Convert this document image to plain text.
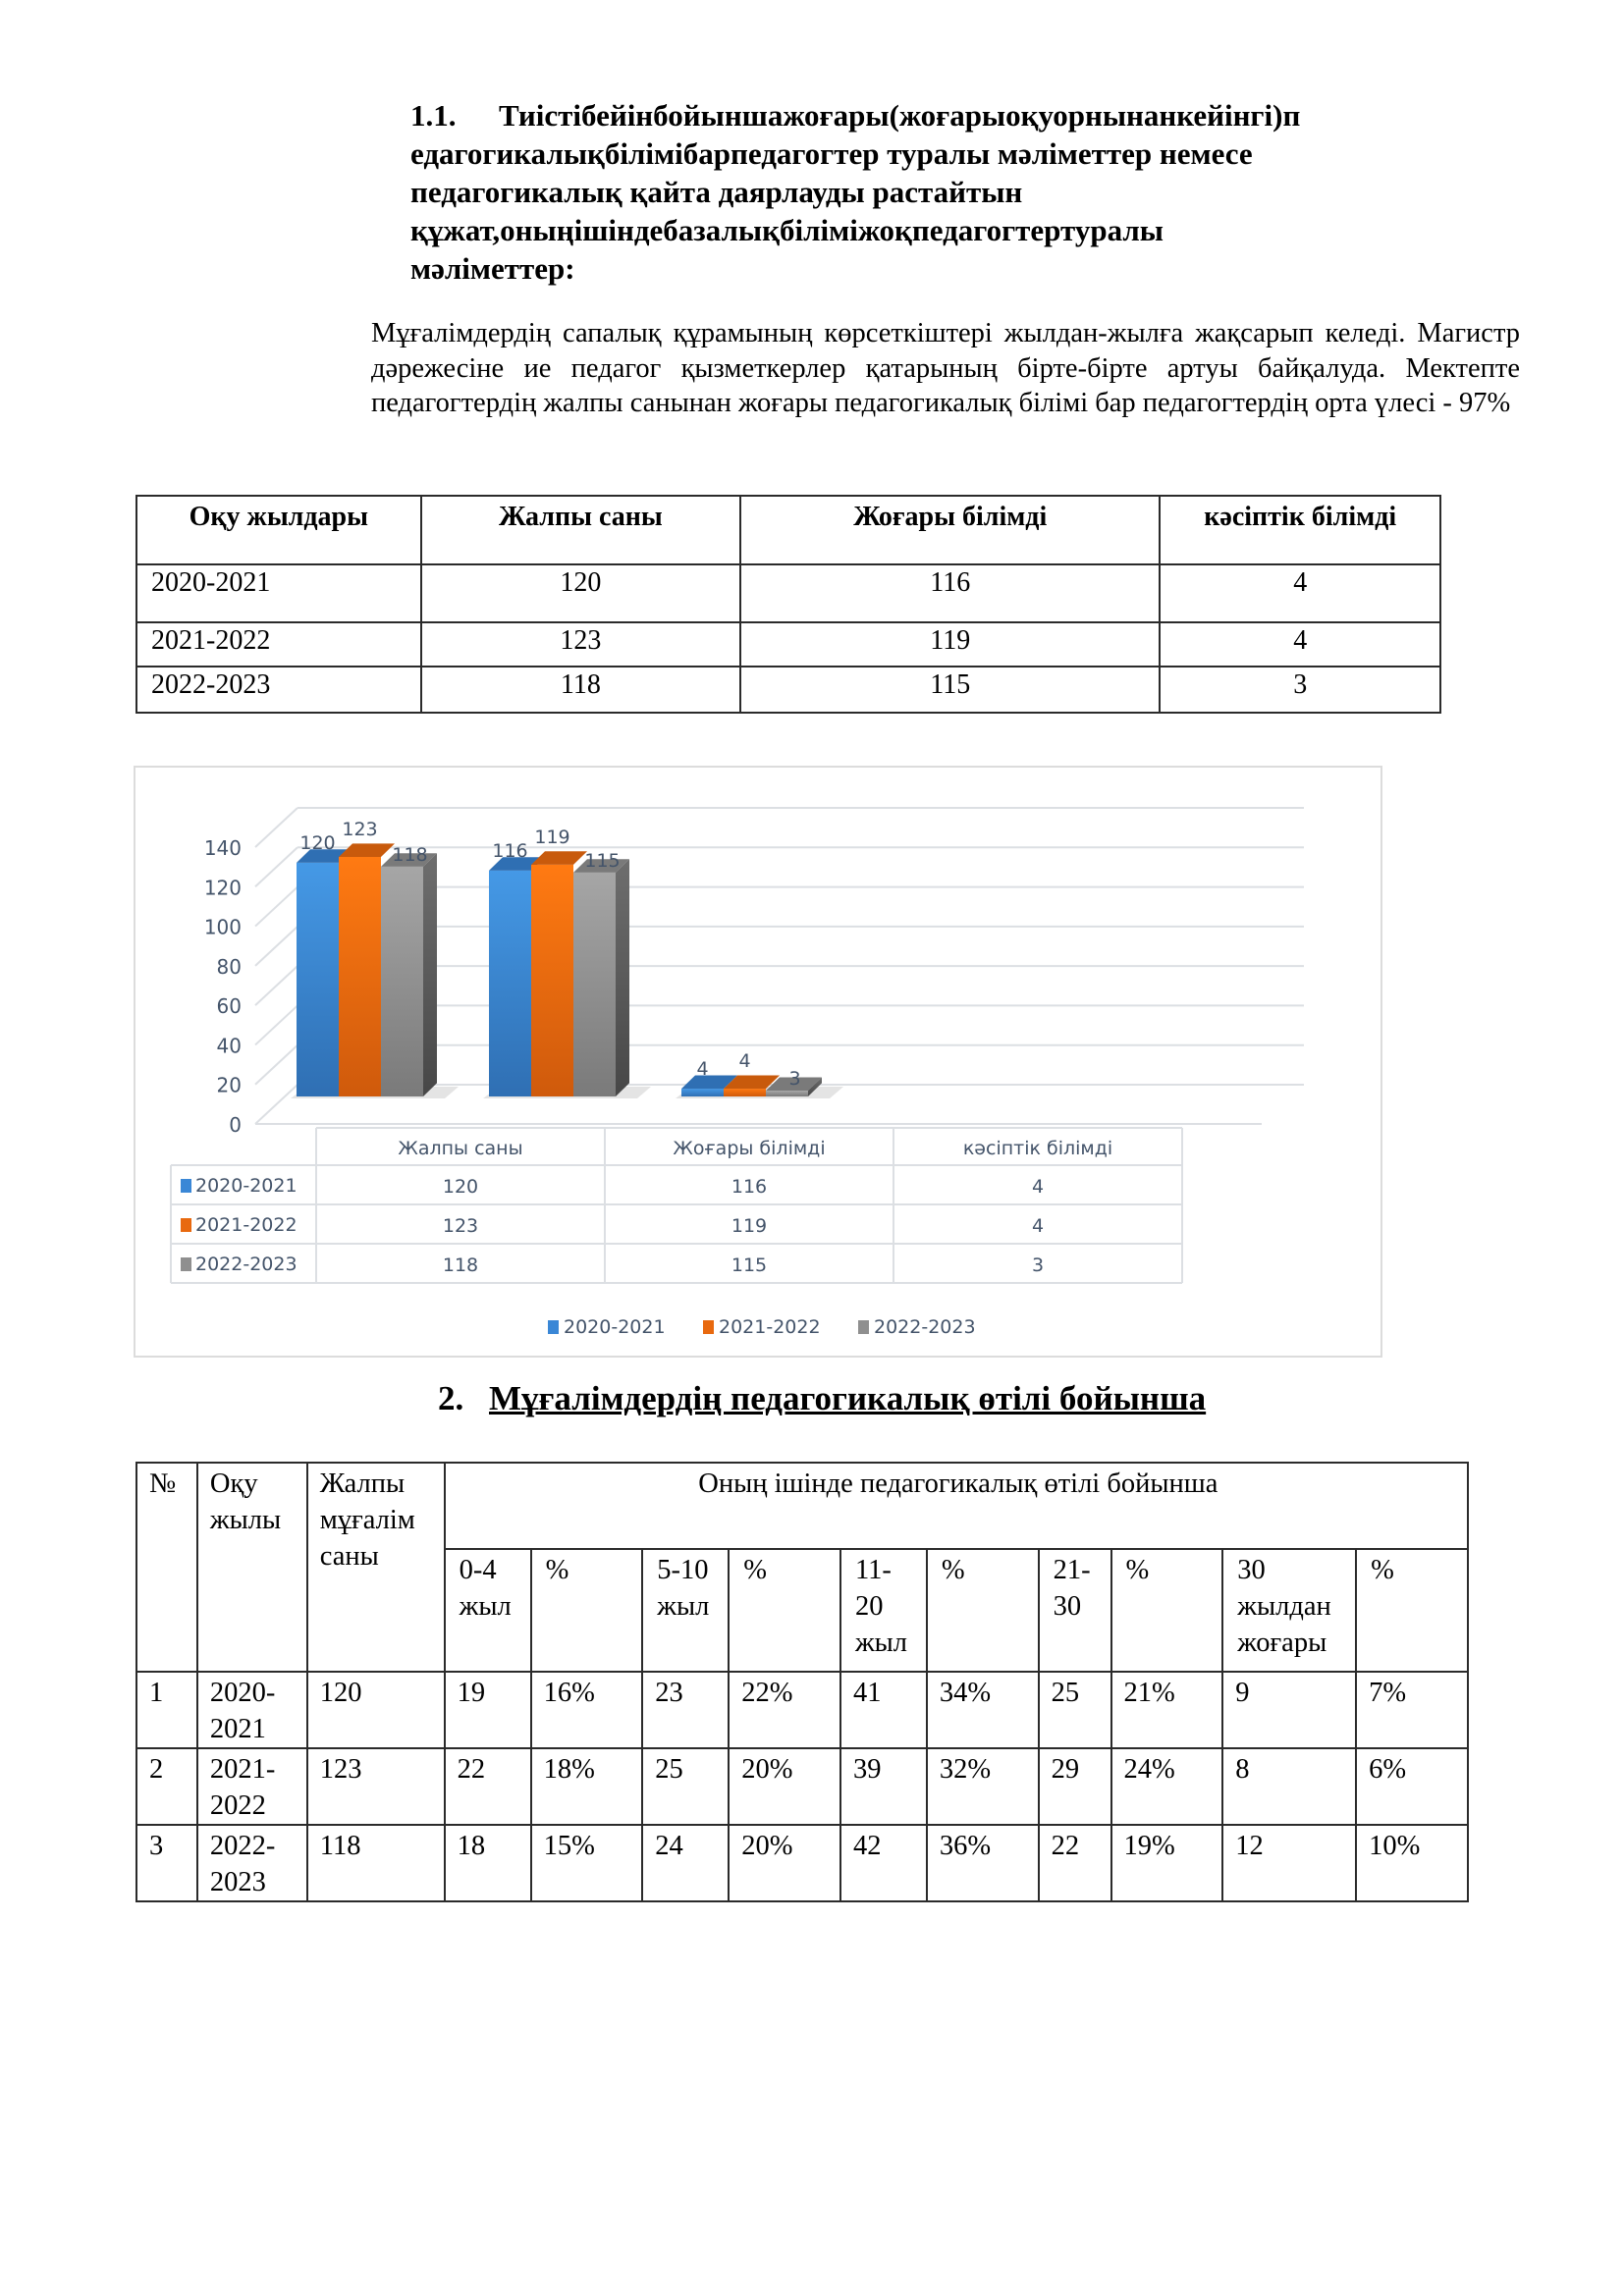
1.1. Тиістібейінбойыншажоғары(жоғарыоқуорнынанкейінгі)п
едагогикалықбілімібарпедагогтер туралы мәліметтер немесе
педагогикалық қайта даярлауды растайтын
құжат,оныңішіндебазалықбіліміжоқпедагогтертуралы
мәліметтер:

Мұғалімдердің сапалық құрамының көрсеткіштері жылдан-жылға жақсарып келеді. Магистр дәрежесіне ие педагог қызметкерлер қатарының бірте-бірте артуы байқалуда. Мектепте педагогтердің жалпы санынан жоғары педагогикалық білімі бар педагогтердің орта үлесі - 97%

Оқу жылдары	Жалпы саны	Жоғары білімді	кәсіптік білімді
2020-2021	120	116	4
2021-2022	123	119	4
2022-2023	118	115	3
0
20
40
60
80
100
120
140	120
123
118	116
119
115
4 4
3
Жалпы саны	Жоғары білімді	кәсіптік білімді
2020-2021	120	116	4
2021-2022	123	119	4
2022-2023	118	115	3
2020-2021	2021-2022	2022-2023
2. Мұғалімдердің педагогикалық өтілі бойынша
№	Оқу жылы	Жалпы мұғалім саны	Оның ішінде педагогикалық өтілі бойынша									
			0-4 жыл	%	5-10 жыл	%	11-20 жыл	%	21-30	%	30 жылдан жоғары	%
1	2020-2021	120	19	16%	23	22%	41	34%	25	21%	9	7%
2	2021-2022	123	22	18%	25	20%	39	32%	29	24%	8	6%
3	2022-2023	118	18	15%	24	20%	42	36%	22	19%	12	10%
